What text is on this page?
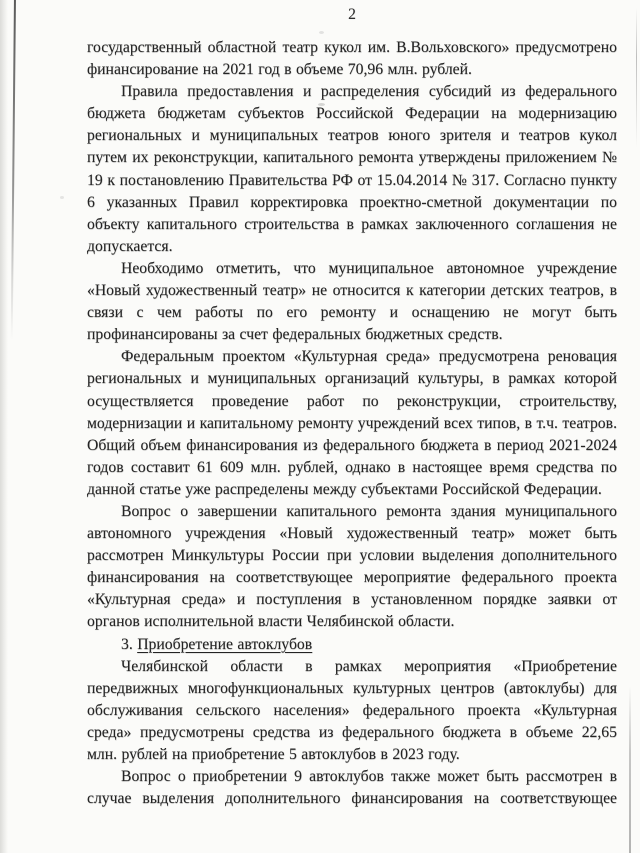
2

государственный областной театр кукол им. В.Вольховского» предусмотрено финансирование на 2021 год в объеме 70,96 млн. рублей.

Правила предоставления и распределения субсидий из федерального бюджета бюджетам субъектов Российской Федерации на модернизацию региональных и муниципальных театров юного зрителя и театров кукол путем их реконструкции, капитального ремонта утверждены приложением № 19 к постановлению Правительства РФ от 15.04.2014 № 317. Согласно пункту 6 указанных Правил корректировка проектно-сметной документации по объекту капитального строительства в рамках заключенного соглашения не допускается.

Необходимо отметить, что муниципальное автономное учреждение «Новый художественный театр» не относится к категории детских театров, в связи с чем работы по его ремонту и оснащению не могут быть профинансированы за счет федеральных бюджетных средств.

Федеральным проектом «Культурная среда» предусмотрена реновация региональных и муниципальных организаций культуры, в рамках которой осуществляется проведение работ по реконструкции, строительству, модернизации и капитальному ремонту учреждений всех типов, в т.ч. театров. Общий объем финансирования из федерального бюджета в период 2021-2024 годов составит 61 609 млн. рублей, однако в настоящее время средства по данной статье уже распределены между субъектами Российской Федерации.

Вопрос о завершении капитального ремонта здания муниципального автономного учреждения «Новый художественный театр» может быть рассмотрен Минкультуры России при условии выделения дополнительного финансирования на соответствующее мероприятие федерального проекта «Культурная среда» и поступления в установленном порядке заявки от органов исполнительной власти Челябинской области.

3. Приобретение автоклубов

Челябинской области в рамках мероприятия «Приобретение передвижных многофункциональных культурных центров (автоклубы) для обслуживания сельского населения» федерального проекта «Культурная среда» предусмотрены средства из федерального бюджета в объеме 22,65 млн. рублей на приобретение 5 автоклубов в 2023 году.

Вопрос о приобретении 9 автоклубов также может быть рассмотрен в случае выделения дополнительного финансирования на соответствующее
